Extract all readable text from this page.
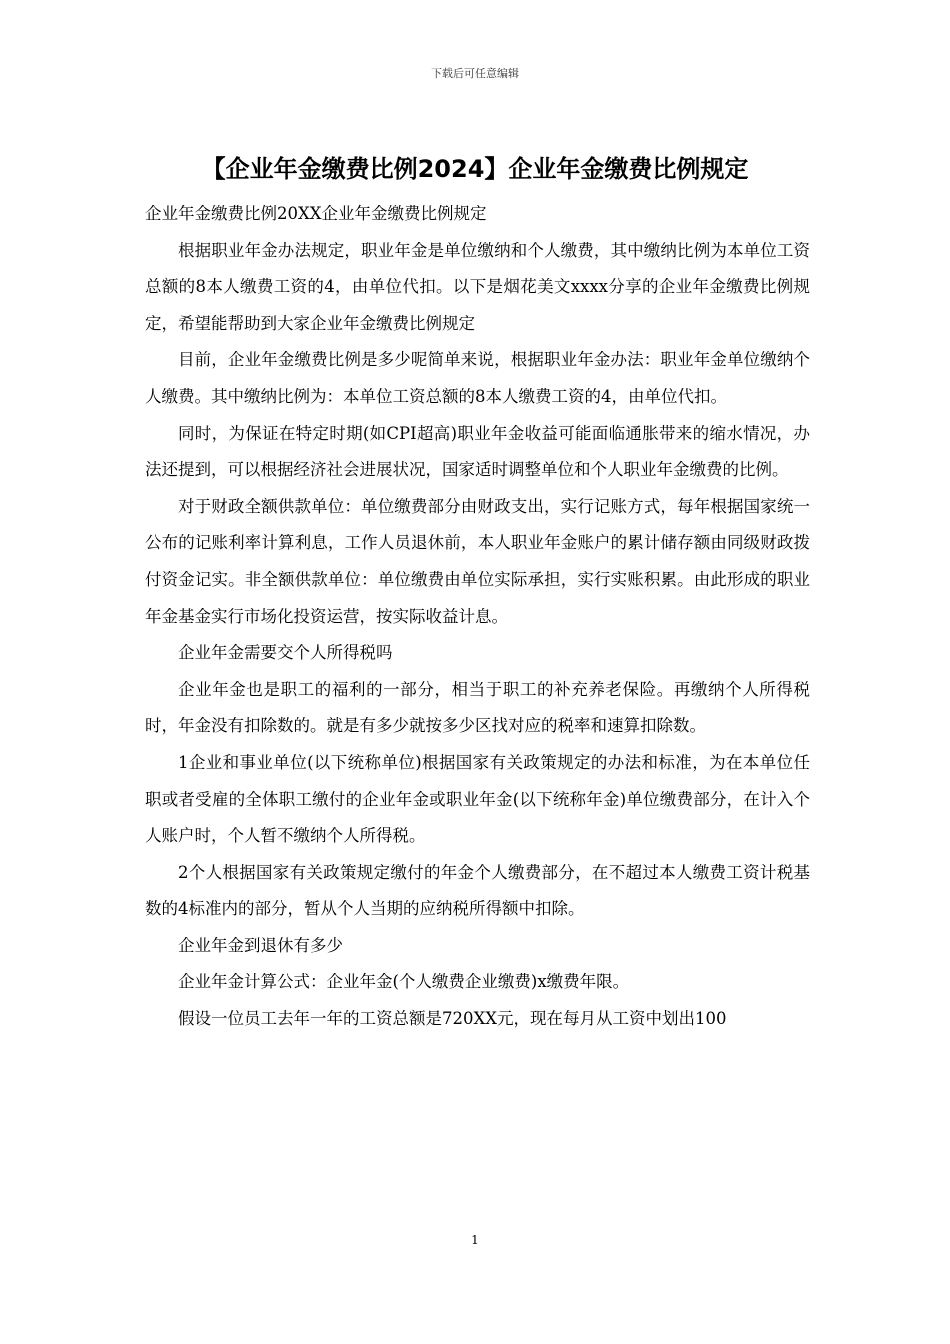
下载后可任意编辑
【企业年金缴费比例2024】企业年金缴费比例规定

企业年金缴费比例20XX企业年金缴费比例规定

根据职业年金办法规定，职业年金是单位缴纳和个人缴费，其中缴纳比例为本单位工资总额的8本人缴费工资的4，由单位代扣。以下是烟花美文xxxx分享的企业年金缴费比例规定，希望能帮助到大家企业年金缴费比例规定

目前，企业年金缴费比例是多少呢简单来说，根据职业年金办法：职业年金单位缴纳个人缴费。其中缴纳比例为：本单位工资总额的8本人缴费工资的4，由单位代扣。

同时，为保证在特定时期(如CPI超高)职业年金收益可能面临通胀带来的缩水情况，办法还提到，可以根据经济社会进展状况，国家适时调整单位和个人职业年金缴费的比例。

对于财政全额供款单位：单位缴费部分由财政支出，实行记账方式，每年根据国家统一公布的记账利率计算利息，工作人员退休前，本人职业年金账户的累计储存额由同级财政拨付资金记实。非全额供款单位：单位缴费由单位实际承担，实行实账积累。由此形成的职业年金基金实行市场化投资运营，按实际收益计息。

企业年金需要交个人所得税吗

企业年金也是职工的福利的一部分，相当于职工的补充养老保险。再缴纳个人所得税时，年金没有扣除数的。就是有多少就按多少区找对应的税率和速算扣除数。

1企业和事业单位(以下统称单位)根据国家有关政策规定的办法和标准，为在本单位任职或者受雇的全体职工缴付的企业年金或职业年金(以下统称年金)单位缴费部分，在计入个人账户时，个人暂不缴纳个人所得税。

2个人根据国家有关政策规定缴付的年金个人缴费部分，在不超过本人缴费工资计税基数的4标准内的部分，暂从个人当期的应纳税所得额中扣除。

企业年金到退休有多少

企业年金计算公式：企业年金(个人缴费企业缴费)x缴费年限。

假设一位员工去年一年的工资总额是720XX元，现在每月从工资中划出100

1
